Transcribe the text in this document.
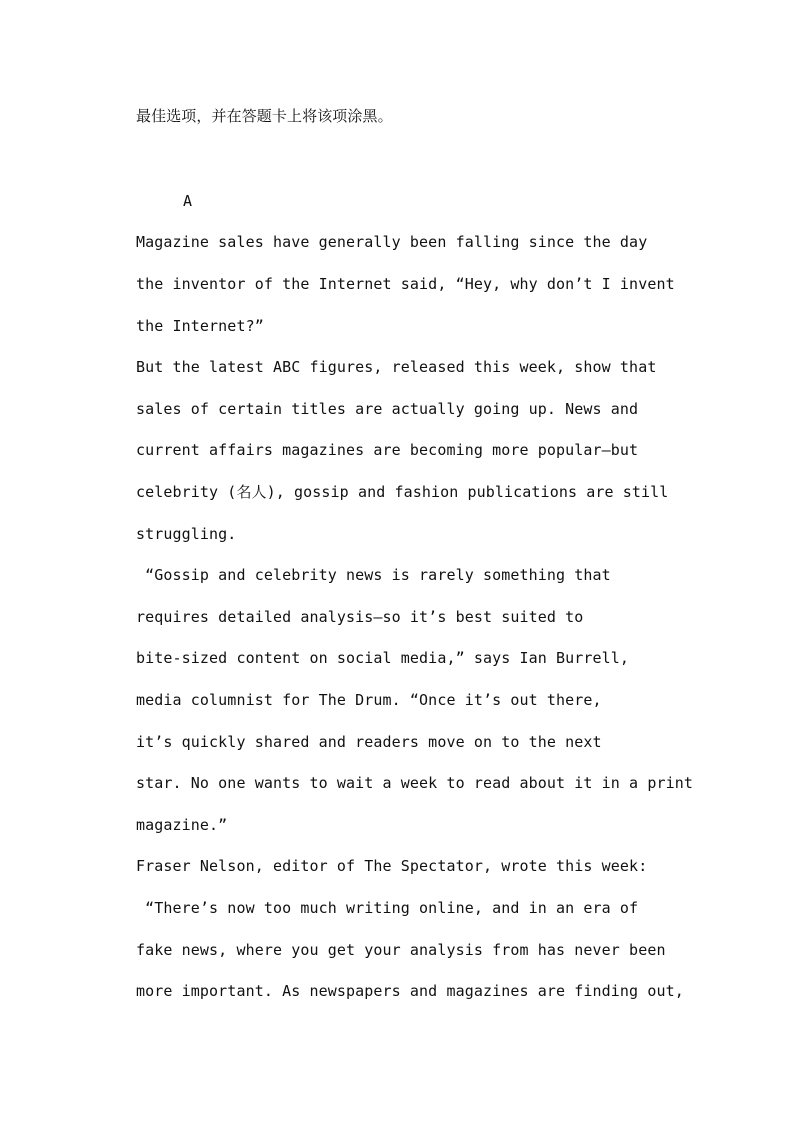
最佳选项，并在答题卡上将该项涂黑。
A
Magazine sales have generally been falling since the day
the inventor of the Internet said, “Hey, why don’t I invent
the Internet?”
But the latest ABC figures, released this week, show that
sales of certain titles are actually going up. News and
current affairs magazines are becoming more popular—but
celebrity (名人), gossip and fashion publications are still
struggling.
“Gossip and celebrity news is rarely something that
requires detailed analysis—so it’s best suited to
bite-sized content on social media,” says Ian Burrell,
media columnist for The Drum. “Once it’s out there,
it’s quickly shared and readers move on to the next
star. No one wants to wait a week to read about it in a print
magazine.”
Fraser Nelson, editor of The Spectator, wrote this week:
“There’s now too much writing online, and in an era of
fake news, where you get your analysis from has never been
more important. As newspapers and magazines are finding out,
